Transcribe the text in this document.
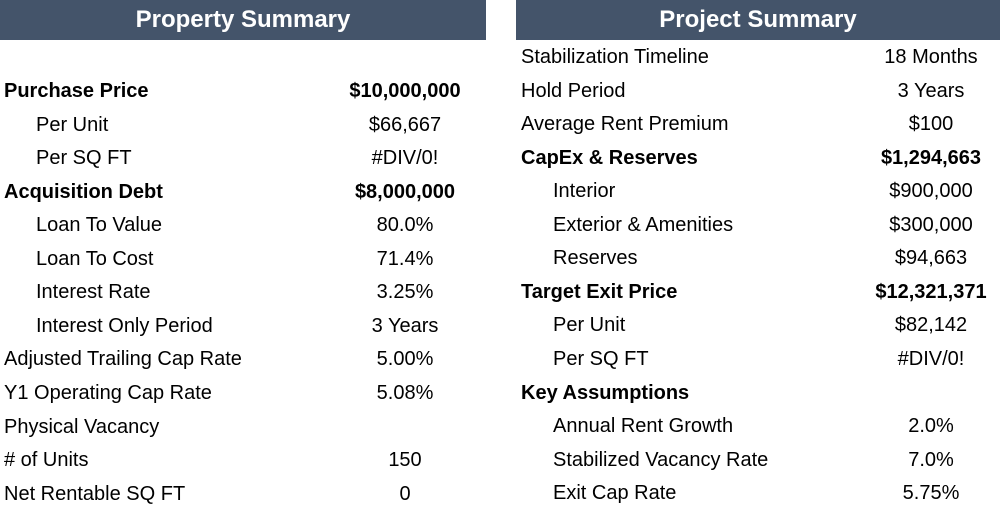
Property Summary
Purchase Price	$10,000,000
Per Unit	$66,667
Per SQ FT	#DIV/0!
Acquisition Debt	$8,000,000
Loan To Value	80.0%
Loan To Cost	71.4%
Interest Rate	3.25%
Interest Only Period	3 Years
Adjusted Trailing Cap Rate	5.00%
Y1 Operating Cap Rate	5.08%
Physical Vacancy
# of Units	150
Net Rentable SQ FT	0
Project Summary
Stabilization Timeline	18 Months
Hold Period	3 Years
Average Rent Premium	$100
CapEx & Reserves	$1,294,663
Interior	$900,000
Exterior & Amenities	$300,000
Reserves	$94,663
Target Exit Price	$12,321,371
Per Unit	$82,142
Per SQ FT	#DIV/0!
Key Assumptions
Annual Rent Growth	2.0%
Stabilized Vacancy Rate	7.0%
Exit Cap Rate	5.75%
